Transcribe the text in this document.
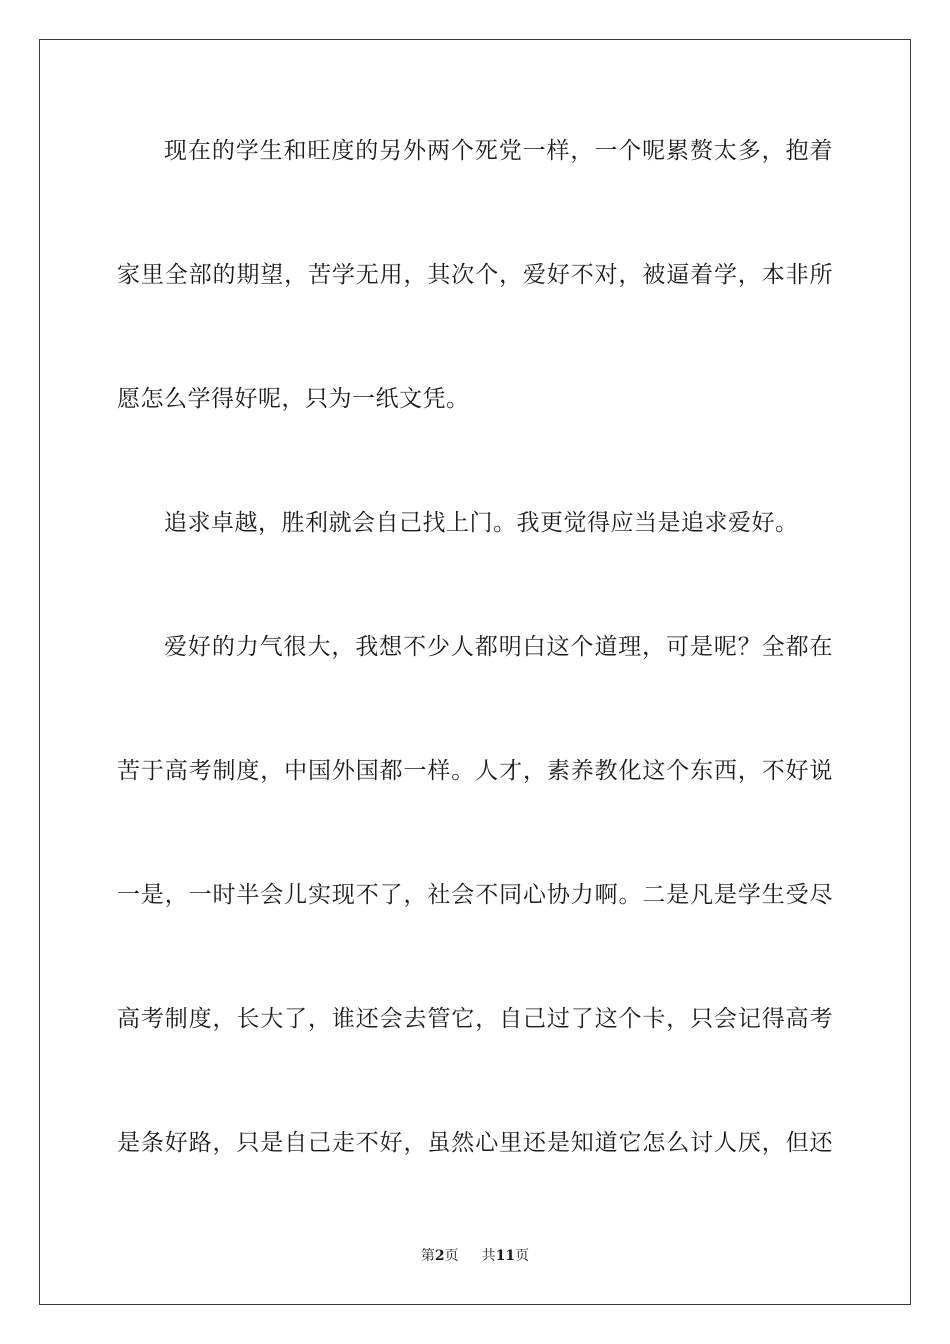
现在的学生和旺度的另外两个死党一样，一个呢累赘太多，抱着
家里全部的期望，苦学无用，其次个，爱好不对，被逼着学，本非所
愿怎么学得好呢，只为一纸文凭。
追求卓越，胜利就会自己找上门。我更觉得应当是追求爱好。
爱好的力气很大，我想不少人都明白这个道理，可是呢？全都在
苦于高考制度，中国外国都一样。人才，素养教化这个东西，不好说
一是，一时半会儿实现不了，社会不同心协力啊。二是凡是学生受尽
高考制度，长大了，谁还会去管它，自己过了这个卡，只会记得高考
是条好路，只是自己走不好，虽然心里还是知道它怎么讨人厌，但还
第2页 共11页
